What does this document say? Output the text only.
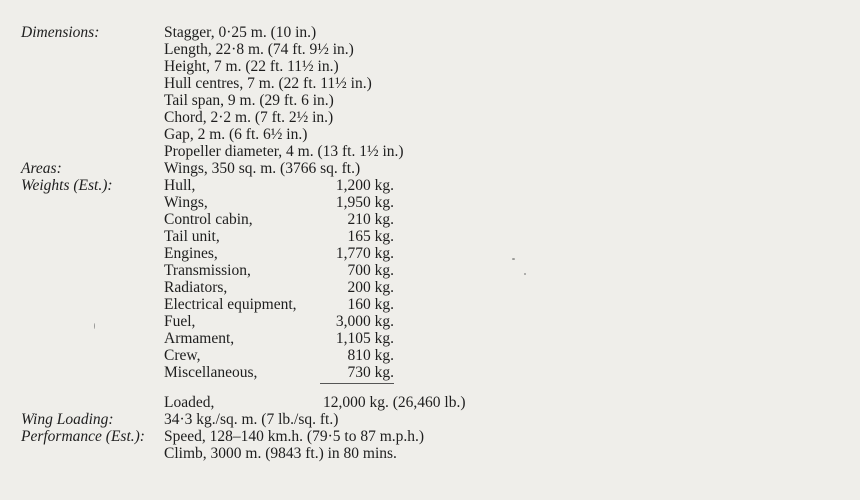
Dimensions:	Stagger, 0·25 m. (10 in.)
Length, 22·8 m. (74 ft. 9½ in.)
Height, 7 m. (22 ft. 11½ in.)
Hull centres, 7 m. (22 ft. 11½ in.)
Tail span, 9 m. (29 ft. 6 in.)
Chord, 2·2 m. (7 ft. 2½ in.)
Gap, 2 m. (6 ft. 6½ in.)
Propeller diameter, 4 m. (13 ft. 1½ in.)
Areas:	Wings, 350 sq. m. (3766 sq. ft.)
Weights (Est.):	Hull,	1,200 kg.
Wings,	1,950 kg.
Control cabin,	210 kg.
Tail unit,	165 kg.
Engines,	1,770 kg.
Transmission,	700 kg.
Radiators,	200 kg.
Electrical equipment,	160 kg.
Fuel,	3,000 kg.
Armament,	1,105 kg.
Crew,	810 kg.
Miscellaneous,	730 kg.
Loaded,	12,000 kg. (26,460 lb.)
Wing Loading:	34·3 kg./sq. m. (7 lb./sq. ft.)
Performance (Est.): Speed, 128–140 km.h. (79·5 to 87 m.p.h.)
Climb, 3000 m. (9843 ft.) in 80 mins.
